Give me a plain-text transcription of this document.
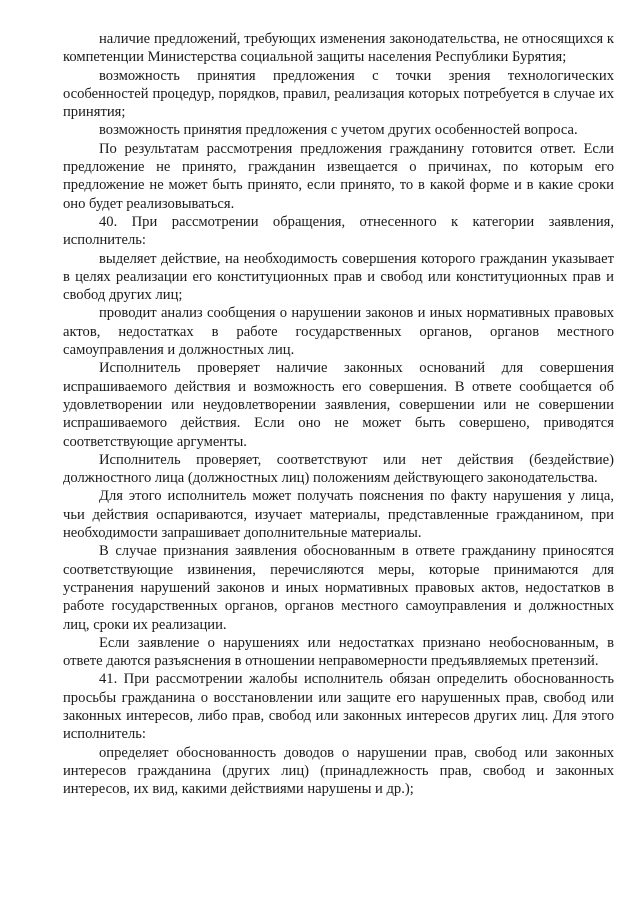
наличие предложений, требующих изменения законодательства, не относящихся к компетенции Министерства социальной защиты населения Республики Бурятия;

возможность принятия предложения с точки зрения технологических особенностей процедур, порядков, правил, реализация которых потребуется в случае их принятия;

возможность принятия предложения с учетом других особенностей вопроса.

По результатам рассмотрения предложения гражданину готовится ответ. Если предложение не принято, гражданин извещается о причинах, по которым его предложение не может быть принято, если принято, то в какой форме и в какие сроки оно будет реализовываться.

40. При рассмотрении обращения, отнесенного к категории заявления, исполнитель:

выделяет действие, на необходимость совершения которого гражданин указывает в целях реализации его конституционных прав и свобод или конституционных прав и свобод других лиц;

проводит анализ сообщения о нарушении законов и иных нормативных правовых актов, недостатках в работе государственных органов, органов местного самоуправления и должностных лиц.

Исполнитель проверяет наличие законных оснований для совершения испрашиваемого действия и возможность его совершения. В ответе сообщается об удовлетворении или неудовлетворении заявления, совершении или не совершении испрашиваемого действия. Если оно не может быть совершено, приводятся соответствующие аргументы.

Исполнитель проверяет, соответствуют или нет действия (бездействие) должностного лица (должностных лиц) положениям действующего законодательства.

Для этого исполнитель может получать пояснения по факту нарушения у лица, чьи действия оспариваются, изучает материалы, представленные гражданином, при необходимости запрашивает дополнительные материалы.

В случае признания заявления обоснованным в ответе гражданину приносятся соответствующие извинения, перечисляются меры, которые принимаются для устранения нарушений законов и иных нормативных правовых актов, недостатков в работе государственных органов, органов местного самоуправления и должностных лиц, сроки их реализации.

Если заявление о нарушениях или недостатках признано необоснованным, в ответе даются разъяснения в отношении неправомерности предъявляемых претензий.

41. При рассмотрении жалобы исполнитель обязан определить обоснованность просьбы гражданина о восстановлении или защите его нарушенных прав, свобод или законных интересов, либо прав, свобод или законных интересов других лиц. Для этого исполнитель:

определяет обоснованность доводов о нарушении прав, свобод или законных интересов гражданина (других лиц) (принадлежность прав, свобод и законных интересов, их вид, какими действиями нарушены и др.);
